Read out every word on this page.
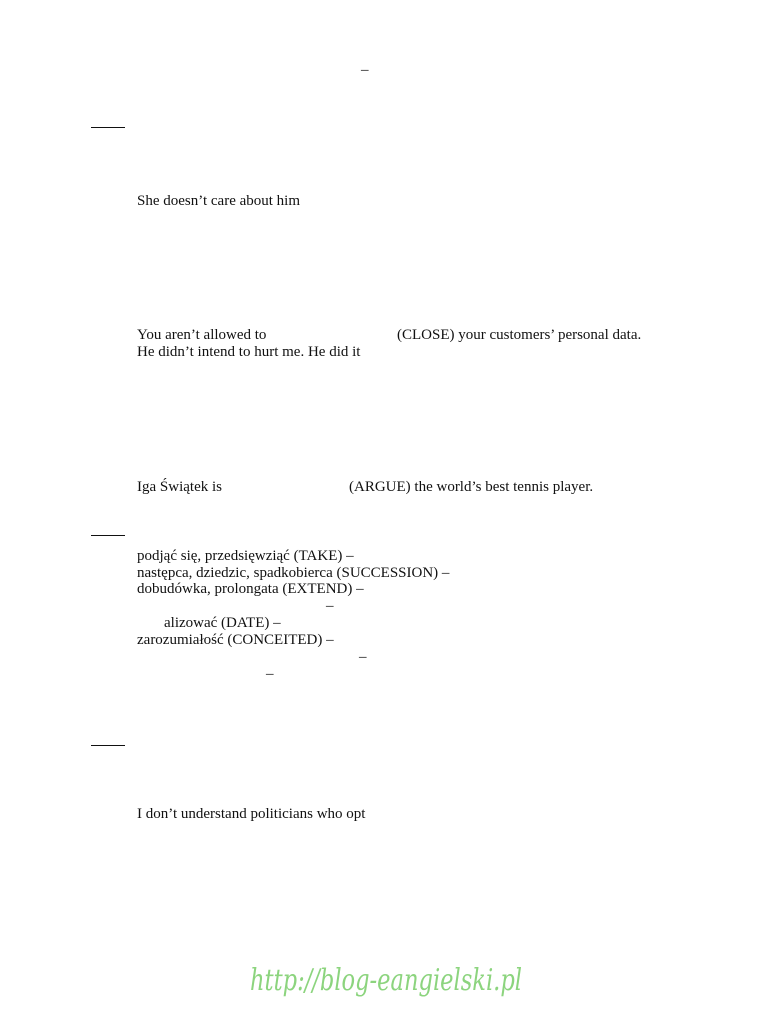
–
She doesn’t care about him
You aren’t allowed to	(CLOSE) your customers’ personal data.
He didn’t intend to hurt me. He did it
Iga Świątek is	(ARGUE) the world’s best tennis player.
podjąć się, przedsięwziąć (TAKE) –
następca, dziedzic, spadkobierca (SUCCESSION) –
dobudówka, prolongata (EXTEND) –
–
alizować (DATE) –
zarozumiałość (CONCEITED) –
–
–
I don’t understand politicians who opt
http://blog-eangielski.pl
